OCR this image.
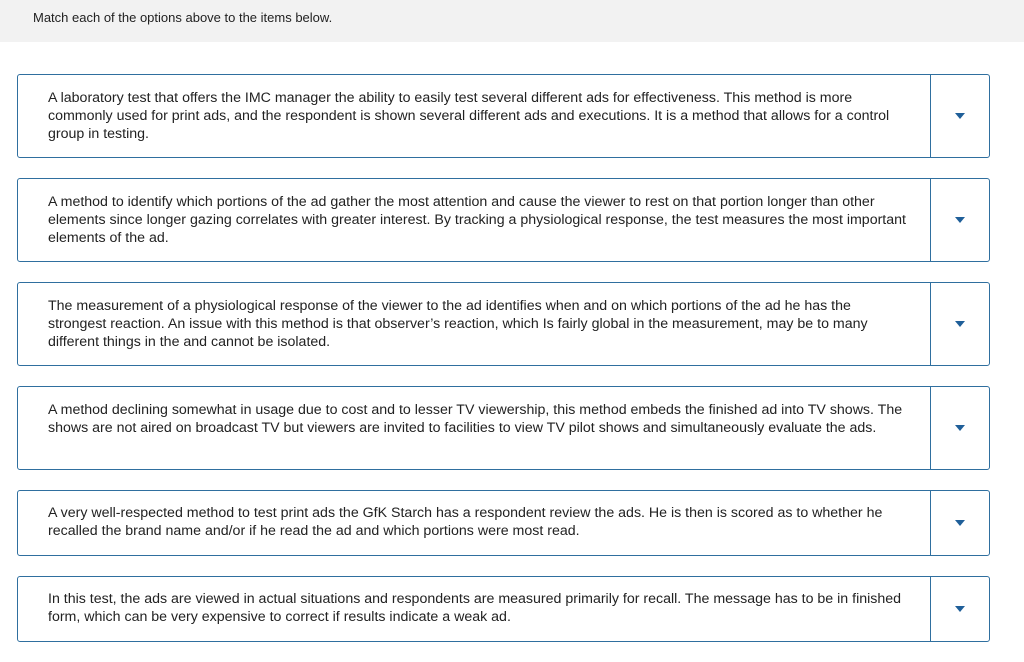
Match each of the options above to the items below.
A laboratory test that offers the IMC manager the ability to easily test several different ads for effectiveness. This method is more commonly used for print ads, and the respondent is shown several different ads and executions. It is a method that allows for a control group in testing.
A method to identify which portions of the ad gather the most attention and cause the viewer to rest on that portion longer than other elements since longer gazing correlates with greater interest. By tracking a physiological response, the test measures the most important elements of the ad.
The measurement of a physiological response of the viewer to the ad identifies when and on which portions of the ad he has the strongest reaction. An issue with this method is that observer’s reaction, which Is fairly global in the measurement, may be to many different things in the and cannot be isolated.
A method declining somewhat in usage due to cost and to lesser TV viewership, this method embeds the finished ad into TV shows. The shows are not aired on broadcast TV but viewers are invited to facilities to view TV pilot shows and simultaneously evaluate the ads.
A very well-respected method to test print ads the GfK Starch has a respondent review the ads. He is then is scored as to whether he recalled the brand name and/or if he read the ad and which portions were most read.
In this test, the ads are viewed in actual situations and respondents are measured primarily for recall. The message has to be in finished form, which can be very expensive to correct if results indicate a weak ad.
